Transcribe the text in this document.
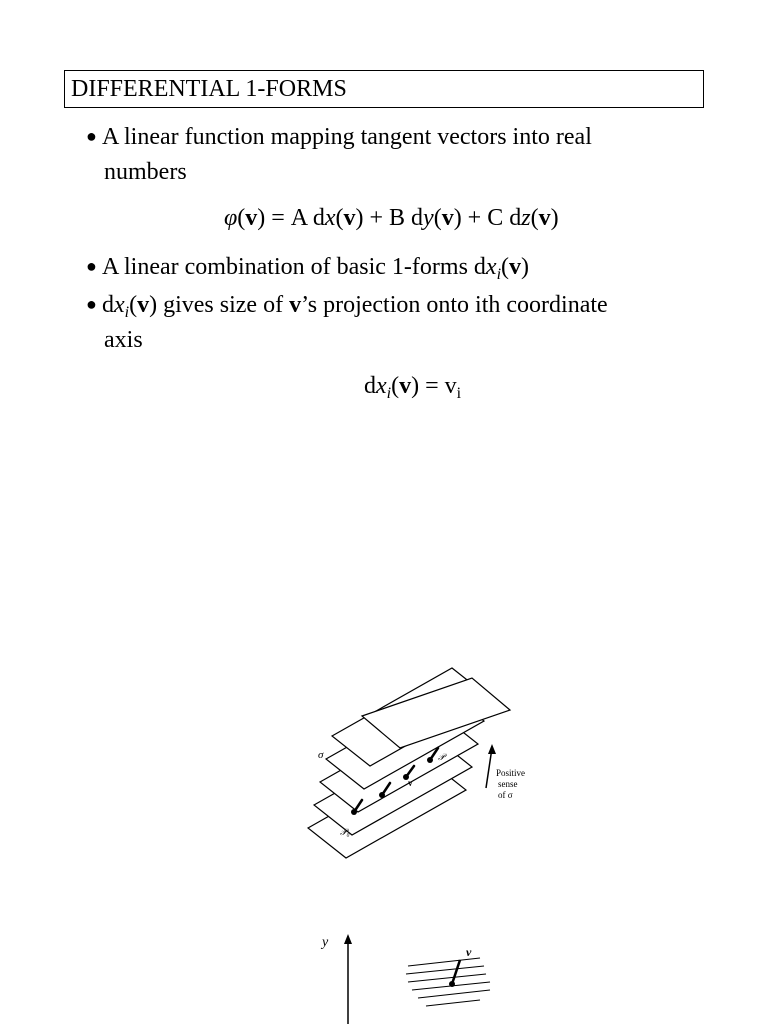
DIFFERENTIAL 1-FORMS
● A linear function mapping tangent vectors into real
numbers
φ(v) = A dx(v) + B dy(v) + C dz(v)
● A linear combination of basic 1-forms $dx_i(v)$
● $dx_i(v)$ gives size of v’s projection onto ith coordinate
axis
$dx_i(v) = v_i$
σ
Positive
sense
of σ
v
𝒫
𝒫₀
y
v
